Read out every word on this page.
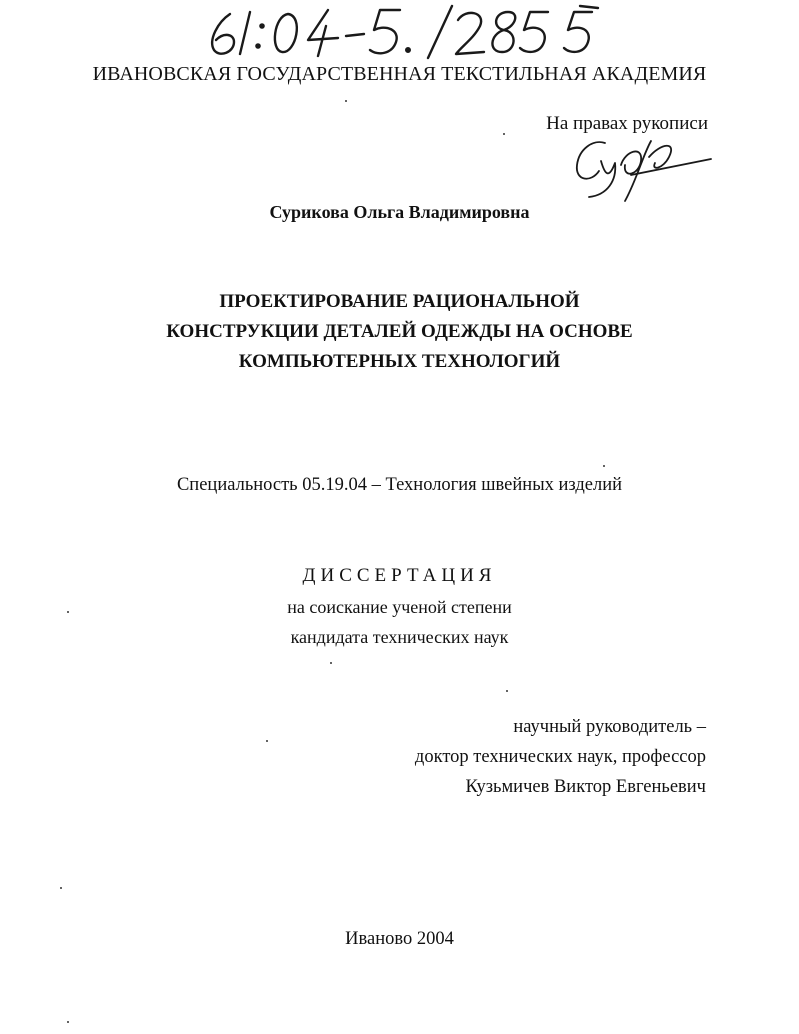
ИВАНОВСКАЯ ГОСУДАРСТВЕННАЯ ТЕКСТИЛЬНАЯ АКАДЕМИЯ
На правах рукописи
Сурикова Ольга Владимировна
ПРОЕКТИРОВАНИЕ РАЦИОНАЛЬНОЙ
КОНСТРУКЦИИ ДЕТАЛЕЙ ОДЕЖДЫ НА ОСНОВЕ
КОМПЬЮТЕРНЫХ ТЕХНОЛОГИЙ
Специальность 05.19.04 – Технология швейных изделий
ДИССЕРТАЦИЯ
на соискание ученой степени
кандидата технических наук
научный руководитель –
доктор технических наук, профессор
Кузьмичев Виктор Евгеньевич
Иваново 2004
